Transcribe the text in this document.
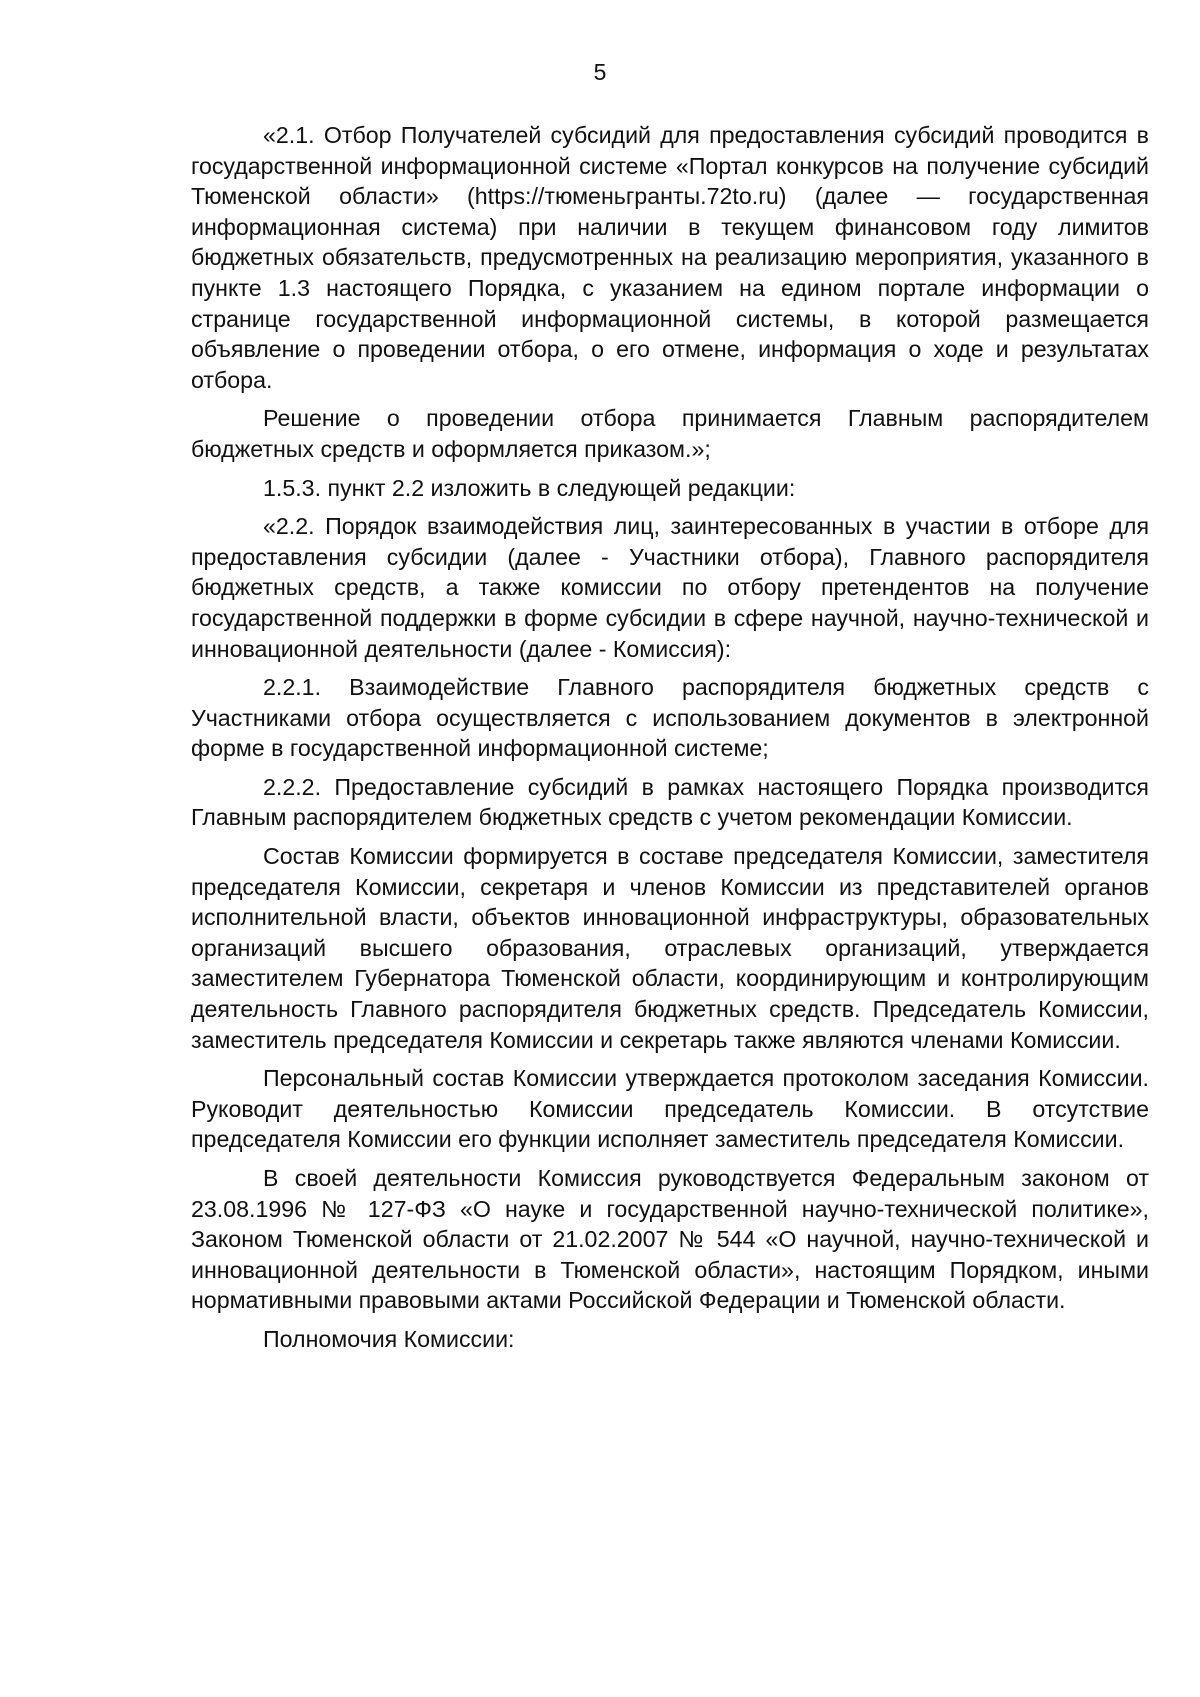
5

«2.1. Отбор Получателей субсидий для предоставления субсидий проводится в государственной информационной системе «Портал конкурсов на получение субсидий Тюменской области» (https://тюменьгранты.72to.ru) (далее — государственная информационная система) при наличии в текущем финансовом году лимитов бюджетных обязательств, предусмотренных на реализацию мероприятия, указанного в пункте 1.3 настоящего Порядка, с указанием на едином портале информации о странице государственной информационной системы, в которой размещается объявление о проведении отбора, о его отмене, информация о ходе и результатах отбора.

Решение о проведении отбора принимается Главным распорядителем бюджетных средств и оформляется приказом.»;

1.5.3. пункт 2.2 изложить в следующей редакции:

«2.2. Порядок взаимодействия лиц, заинтересованных в участии в отборе для предоставления субсидии (далее - Участники отбора), Главного распорядителя бюджетных средств, а также комиссии по отбору претендентов на получение государственной поддержки в форме субсидии в сфере научной, научно-технической и инновационной деятельности (далее - Комиссия):

2.2.1. Взаимодействие Главного распорядителя бюджетных средств с Участниками отбора осуществляется с использованием документов в электронной форме в государственной информационной системе;

2.2.2. Предоставление субсидий в рамках настоящего Порядка производится Главным распорядителем бюджетных средств с учетом рекомендации Комиссии.

Состав Комиссии формируется в составе председателя Комиссии, заместителя председателя Комиссии, секретаря и членов Комиссии из представителей органов исполнительной власти, объектов инновационной инфраструктуры, образовательных организаций высшего образования, отраслевых организаций, утверждается заместителем Губернатора Тюменской области, координирующим и контролирующим деятельность Главного распорядителя бюджетных средств. Председатель Комиссии, заместитель председателя Комиссии и секретарь также являются членами Комиссии.

Персональный состав Комиссии утверждается протоколом заседания Комиссии. Руководит деятельностью Комиссии председатель Комиссии. В отсутствие председателя Комиссии его функции исполняет заместитель председателя Комиссии.

В своей деятельности Комиссия руководствуется Федеральным законом от 23.08.1996 № 127-ФЗ «О науке и государственной научно-технической политике», Законом Тюменской области от 21.02.2007 № 544 «О научной, научно-технической и инновационной деятельности в Тюменской области», настоящим Порядком, иными нормативными правовыми актами Российской Федерации и Тюменской области.

Полномочия Комиссии:
